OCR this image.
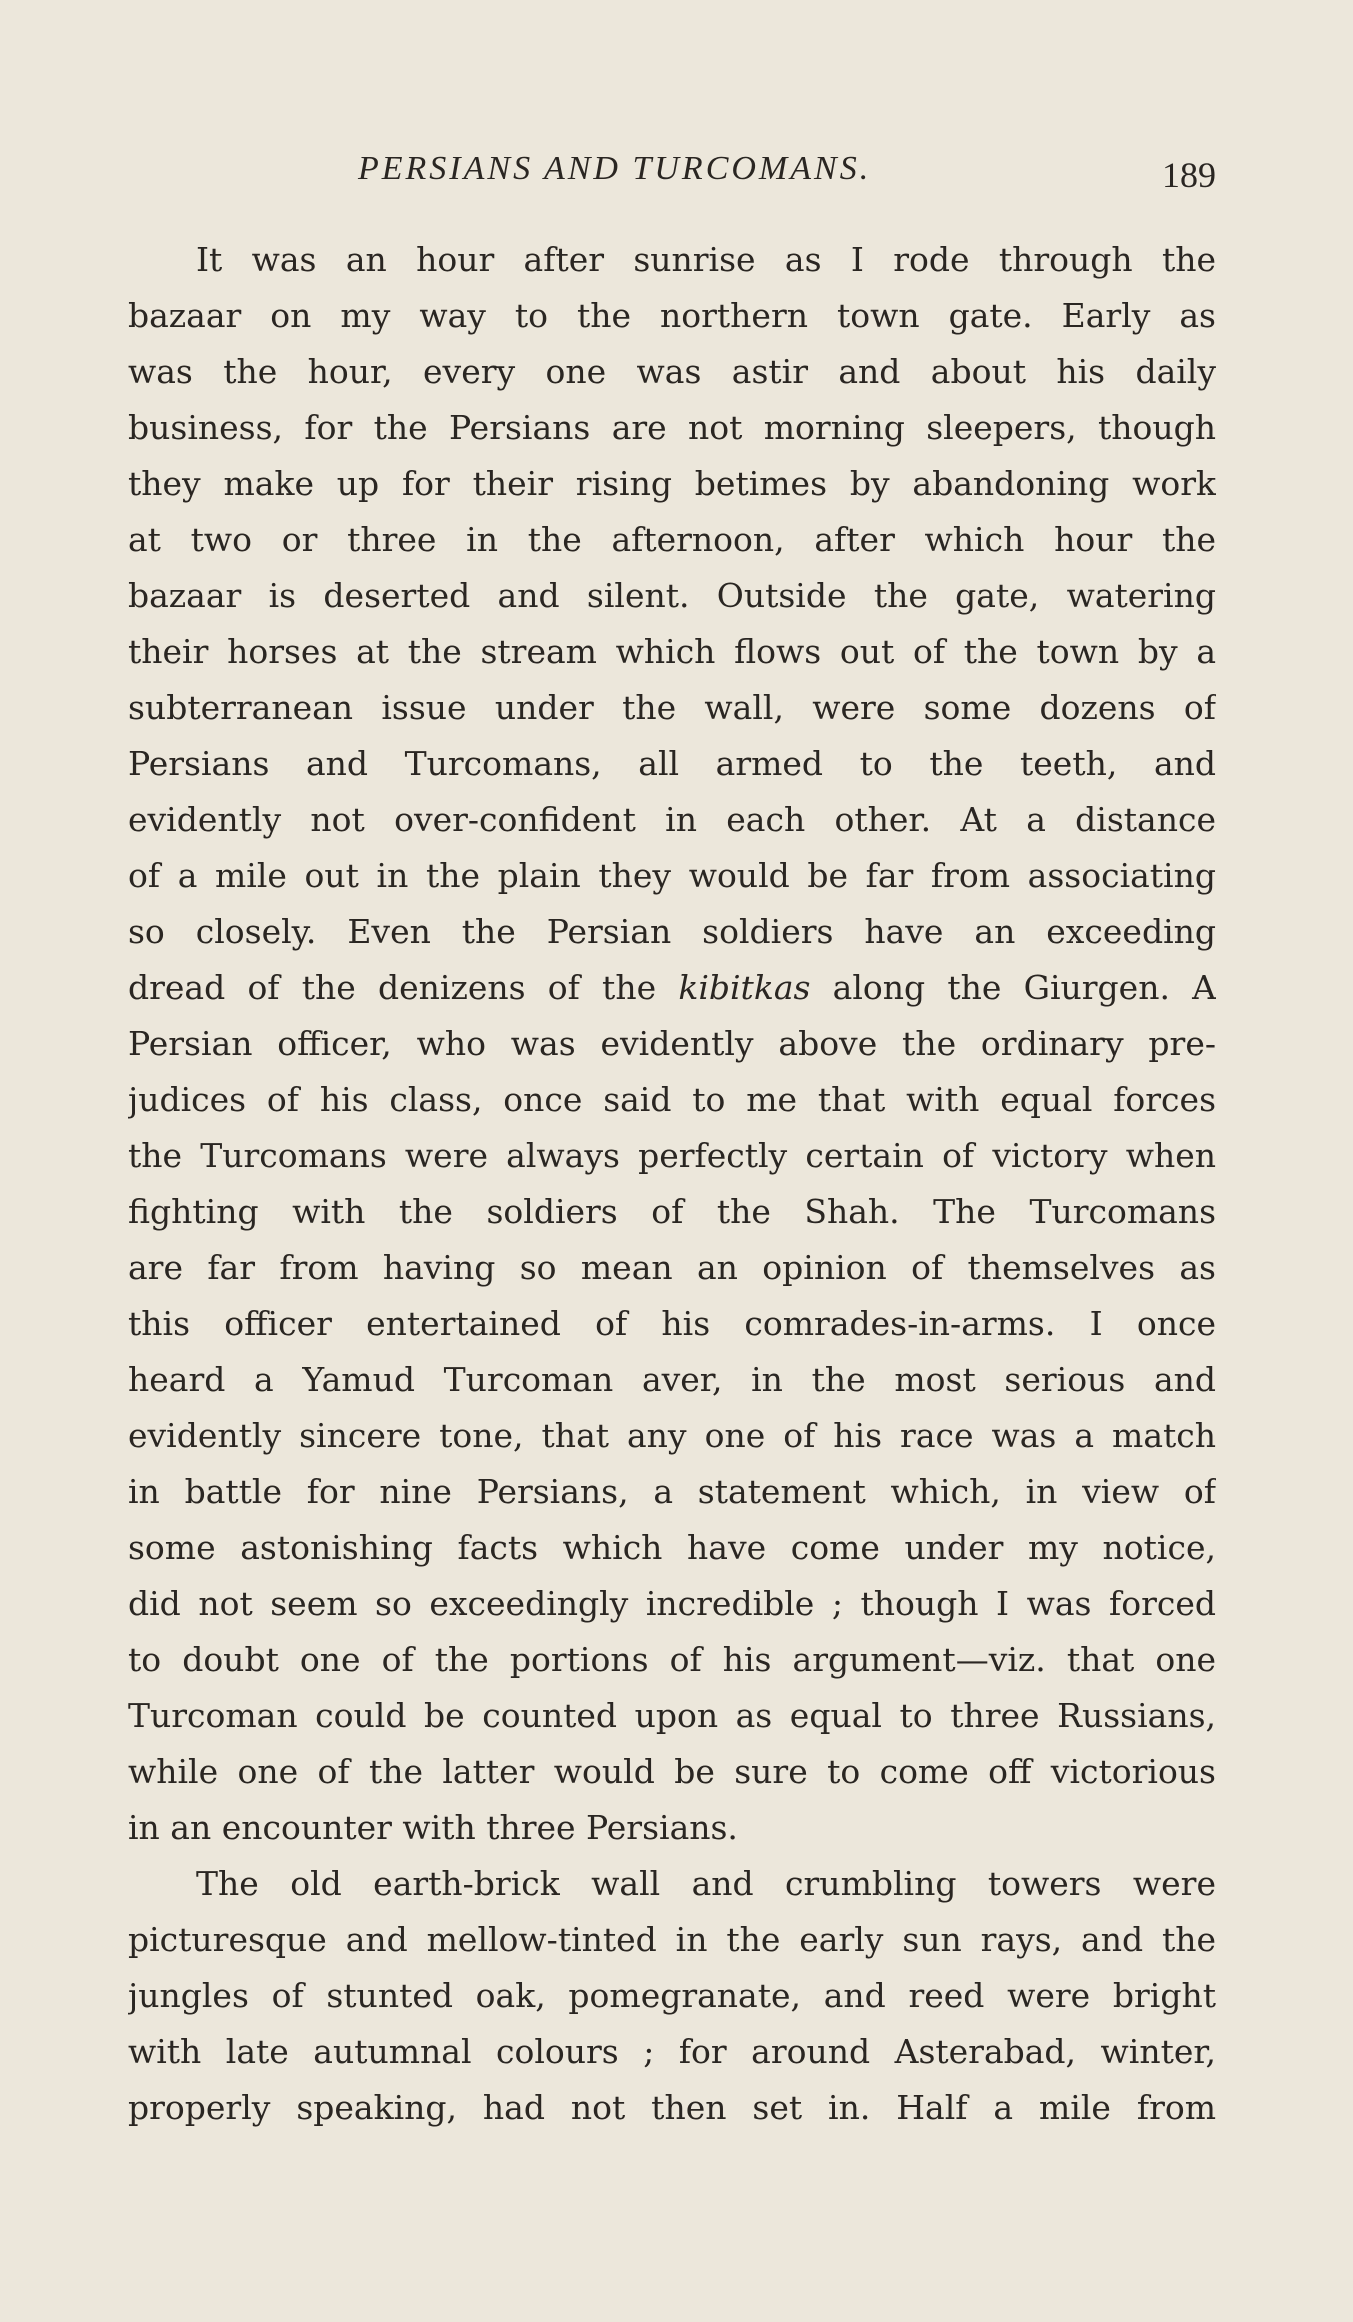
PERSIANS AND TURCOMANS.	189
It was an hour after sunrise as I rode through the
bazaar on my way to the northern town gate. Early as
was the hour, every one was astir and about his daily
business, for the Persians are not morning sleepers, though
they make up for their rising betimes by abandoning work
at two or three in the afternoon, after which hour the
bazaar is deserted and silent. Outside the gate, watering
their horses at the stream which flows out of the town by a
subterranean issue under the wall, were some dozens of
Persians and Turcomans, all armed to the teeth, and
evidently not over-confident in each other. At a distance
of a mile out in the plain they would be far from associating
so closely. Even the Persian soldiers have an exceeding
dread of the denizens of the kibitkas along the Giurgen. A
Persian officer, who was evidently above the ordinary pre-
judices of his class, once said to me that with equal forces
the Turcomans were always perfectly certain of victory when
fighting with the soldiers of the Shah. The Turcomans
are far from having so mean an opinion of themselves as
this officer entertained of his comrades-in-arms. I once
heard a Yamud Turcoman aver, in the most serious and
evidently sincere tone, that any one of his race was a match
in battle for nine Persians, a statement which, in view of
some astonishing facts which have come under my notice,
did not seem so exceedingly incredible ; though I was forced
to doubt one of the portions of his argument—viz. that one
Turcoman could be counted upon as equal to three Russians,
while one of the latter would be sure to come off victorious
in an encounter with three Persians.
The old earth-brick wall and crumbling towers were
picturesque and mellow-tinted in the early sun rays, and the
jungles of stunted oak, pomegranate, and reed were bright
with late autumnal colours ; for around Asterabad, winter,
properly speaking, had not then set in. Half a mile from
